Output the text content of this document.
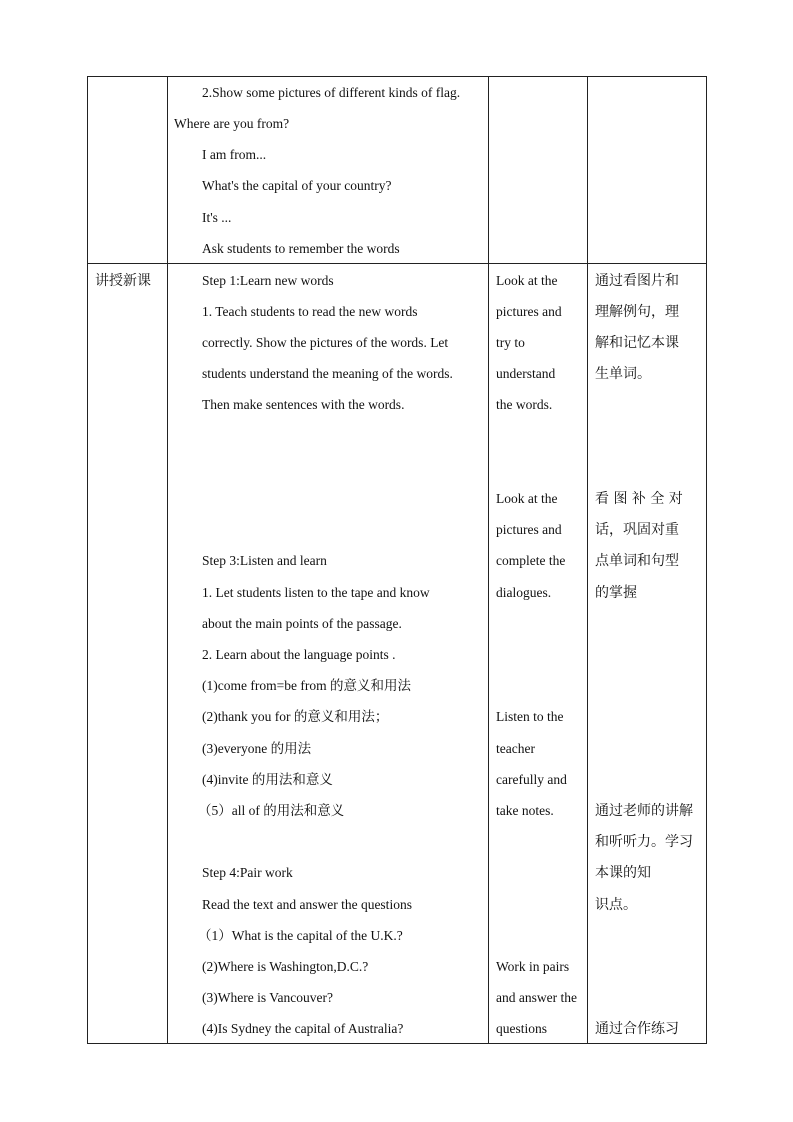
2.Show some pictures of different kinds of flag.
Where are you from?
I am from...
What's the capital of your country?
It's ...
Ask students to remember the words
讲授新课	Step 1:Learn new words
1. Teach students to read the new words
correctly. Show the pictures of the words. Let
students understand the meaning of the words.
Then make sentences with the words.
Step 3:Listen and learn
1. Let students listen to the tape and know
about the main points of the passage.
2. Learn about the language points .
(1)come from=be from 的意义和用法
(2)thank you for 的意义和用法；
(3)everyone 的用法
(4)invite 的用法和意义
（5）all of 的用法和意义
Step 4:Pair work
Read the text and answer the questions
（1）What is the capital of the U.K.?
(2)Where is Washington,D.C.?
(3)Where is Vancouver?
(4)Is Sydney the capital of Australia?
Look at the
pictures and
try to
understand
the words.
Look at the
pictures and
complete the
dialogues.
Listen to the
teacher
carefully and
take notes.
Work in pairs
and answer the
questions
通过看图片和
理解例句，理
解和记忆本课
生单词。
看 图 补 全 对
话，巩固对重
点单词和句型
的掌握
通过老师的讲解
和听听力。学习
本课的知
识点。
通过合作练习
